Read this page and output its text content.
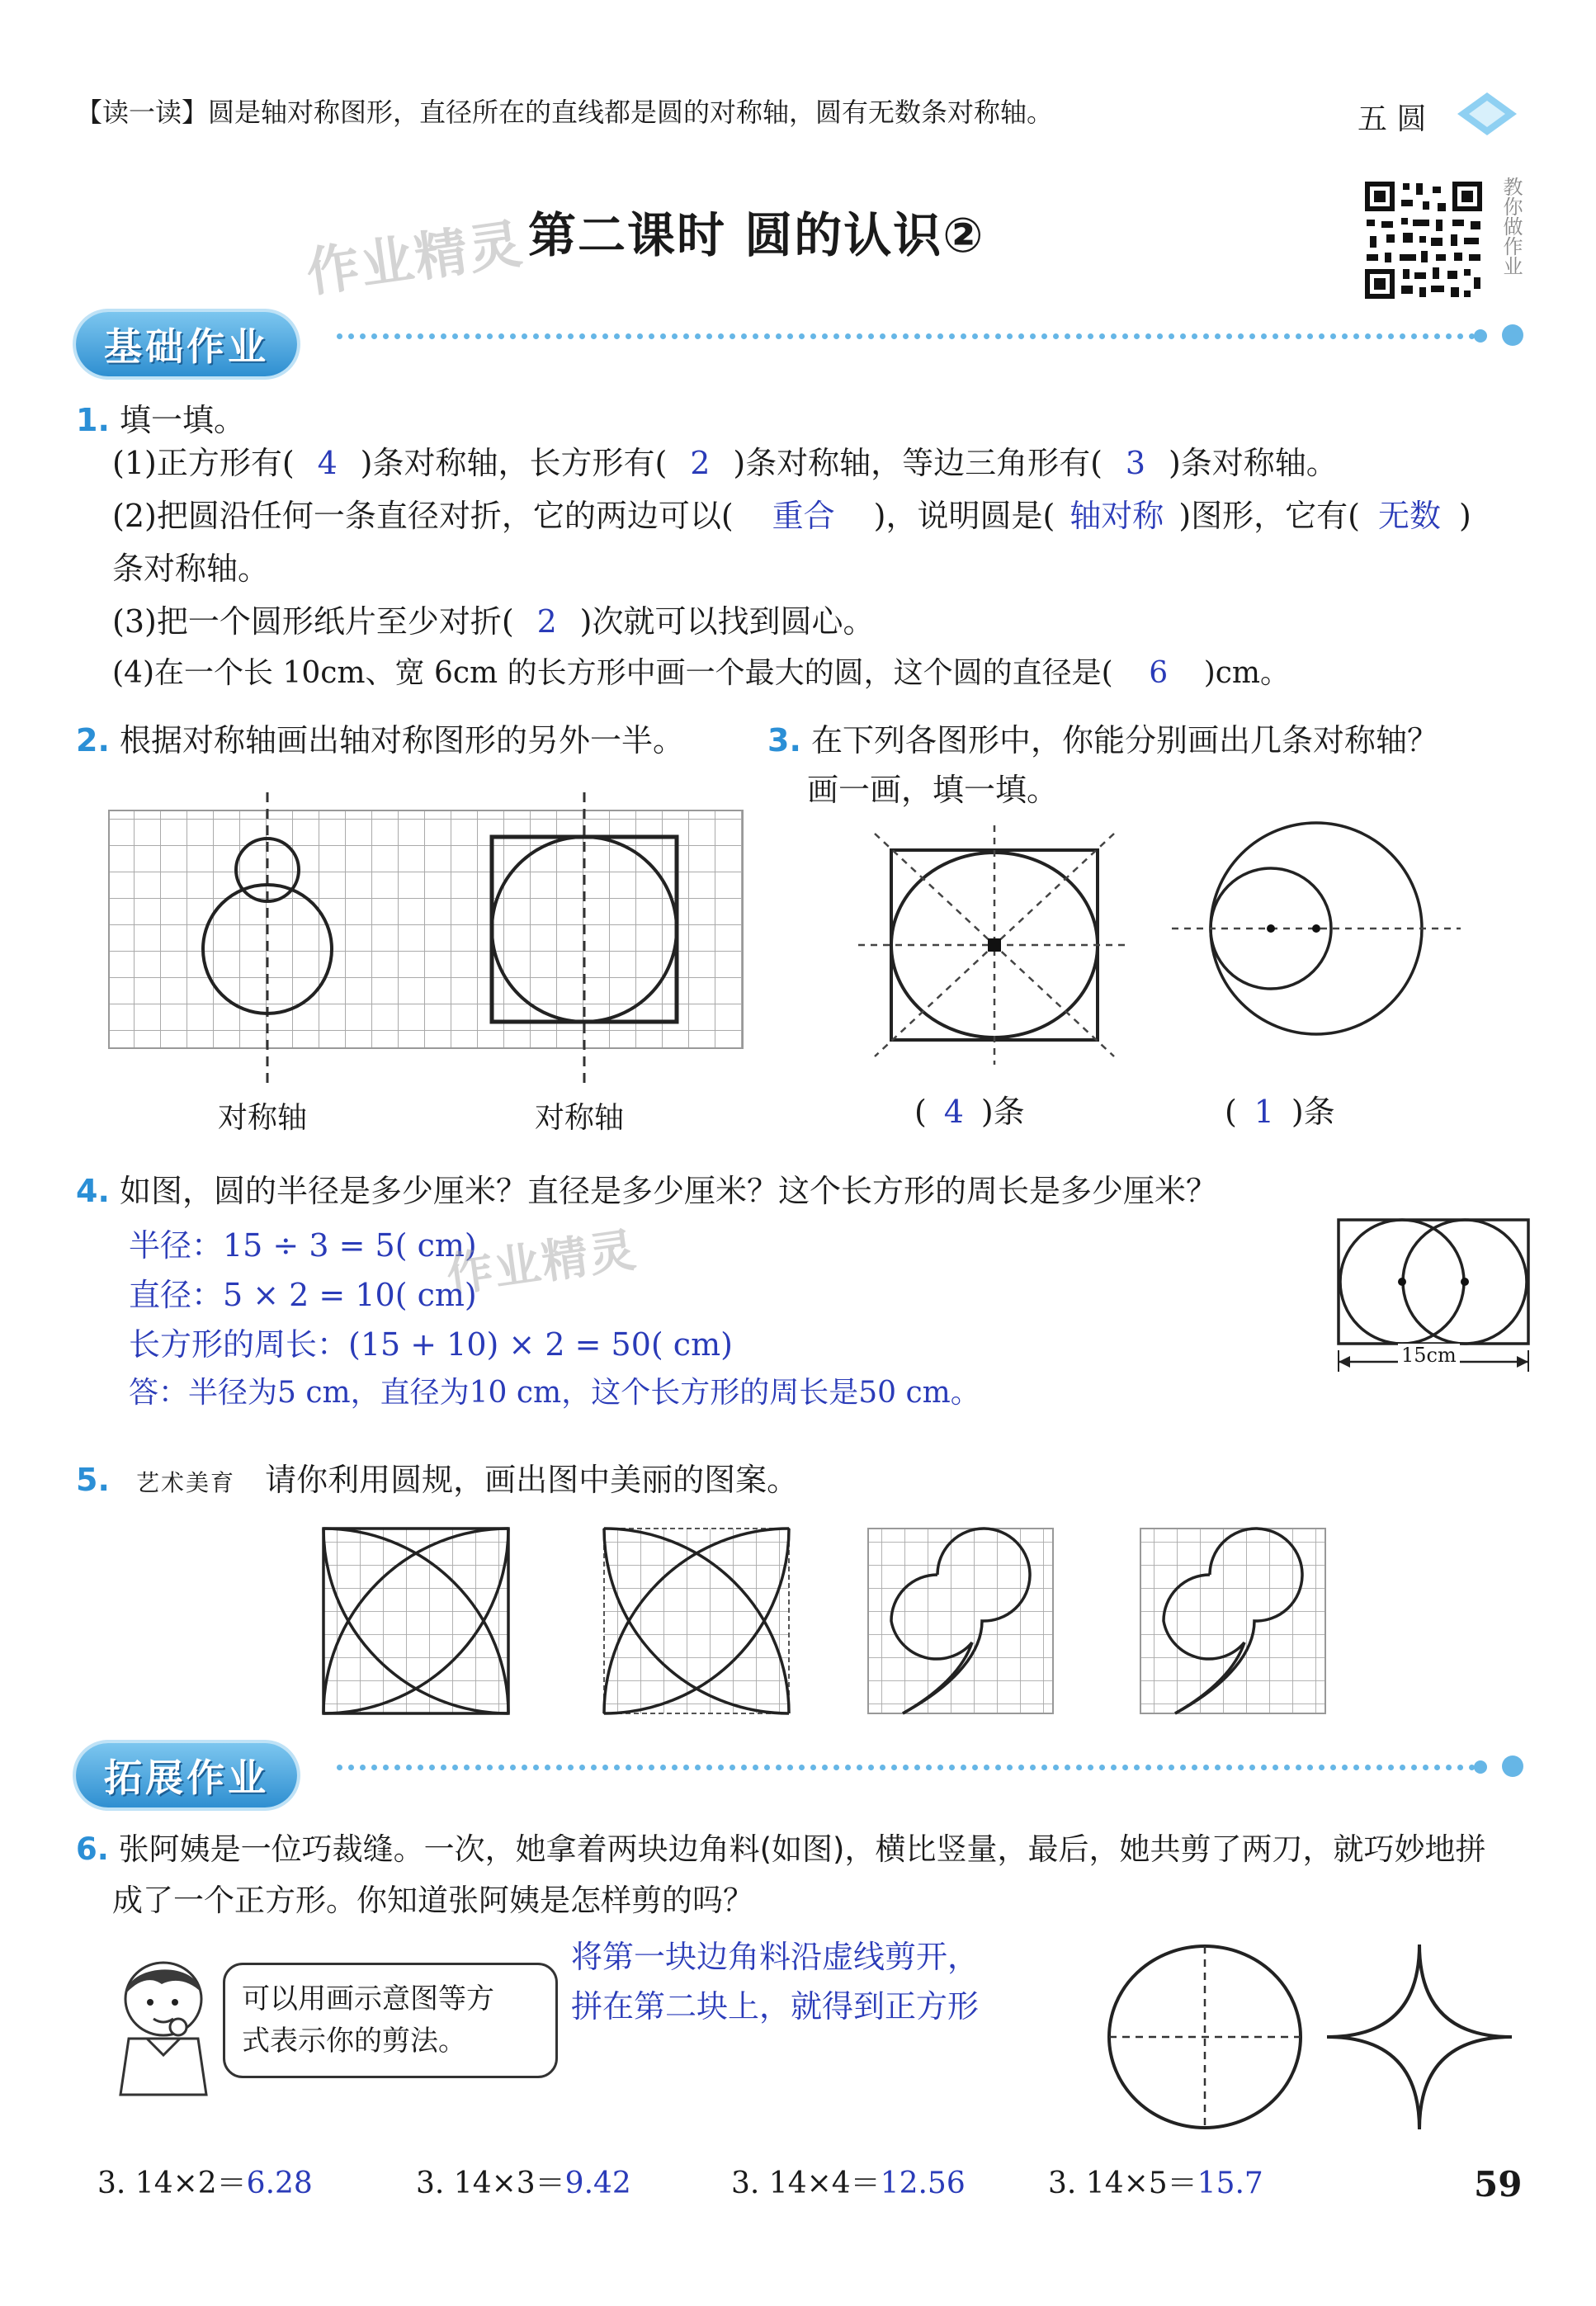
【读一读】圆是轴对称图形，直径所在的直线都是圆的对称轴，圆有无数条对称轴。	五 圆
作业精灵 第二课时 圆的认识②	教你做作业
基础作业
1. 填一填。
(1)正方形有( 4 )条对称轴，长方形有( 2 )条对称轴，等边三角形有( 3 )条对称轴。
(2)把圆沿任何一条直径对折，它的两边可以( 重合 )，说明圆是( 轴对称 )图形，它有( 无数 )
条对称轴。
(3)把一个圆形纸片至少对折( 2 )次就可以找到圆心。
(4)在一个长 10cm、宽 6cm 的长方形中画一个最大的圆，这个圆的直径是( 6 )cm。
2. 根据对称轴画出轴对称图形的另外一半。
对称轴	对称轴
3. 在下列各图形中，你能分别画出几条对称轴？
画一画，填一填。
( 4 )条	( 1 )条
4. 如图，圆的半径是多少厘米？直径是多少厘米？这个长方形的周长是多少厘米？
半径：15 ÷ 3 = 5( cm)
作业精灵
直径：5 × 2 = 10( cm)
长方形的周长：(15 + 10) × 2 = 50( cm)
答：半径为5 cm，直径为10 cm，这个长方形的周长是50 cm。
15cm
5. 艺术美育 请你利用圆规，画出图中美丽的图案。
拓展作业
6. 张阿姨是一位巧裁缝。一次，她拿着两块边角料(如图)，横比竖量，最后，她共剪了两刀，就巧妙地拼
成了一个正方形。你知道张阿姨是怎样剪的吗？
将第一块边角料沿虚线剪开，
拼在第二块上，就得到正方形
可以用画示意图等方
式表示你的剪法。
3. 14×2＝6.28	3. 14×3＝9.42	3. 14×4＝12.56	3. 14×5＝15.7	59
